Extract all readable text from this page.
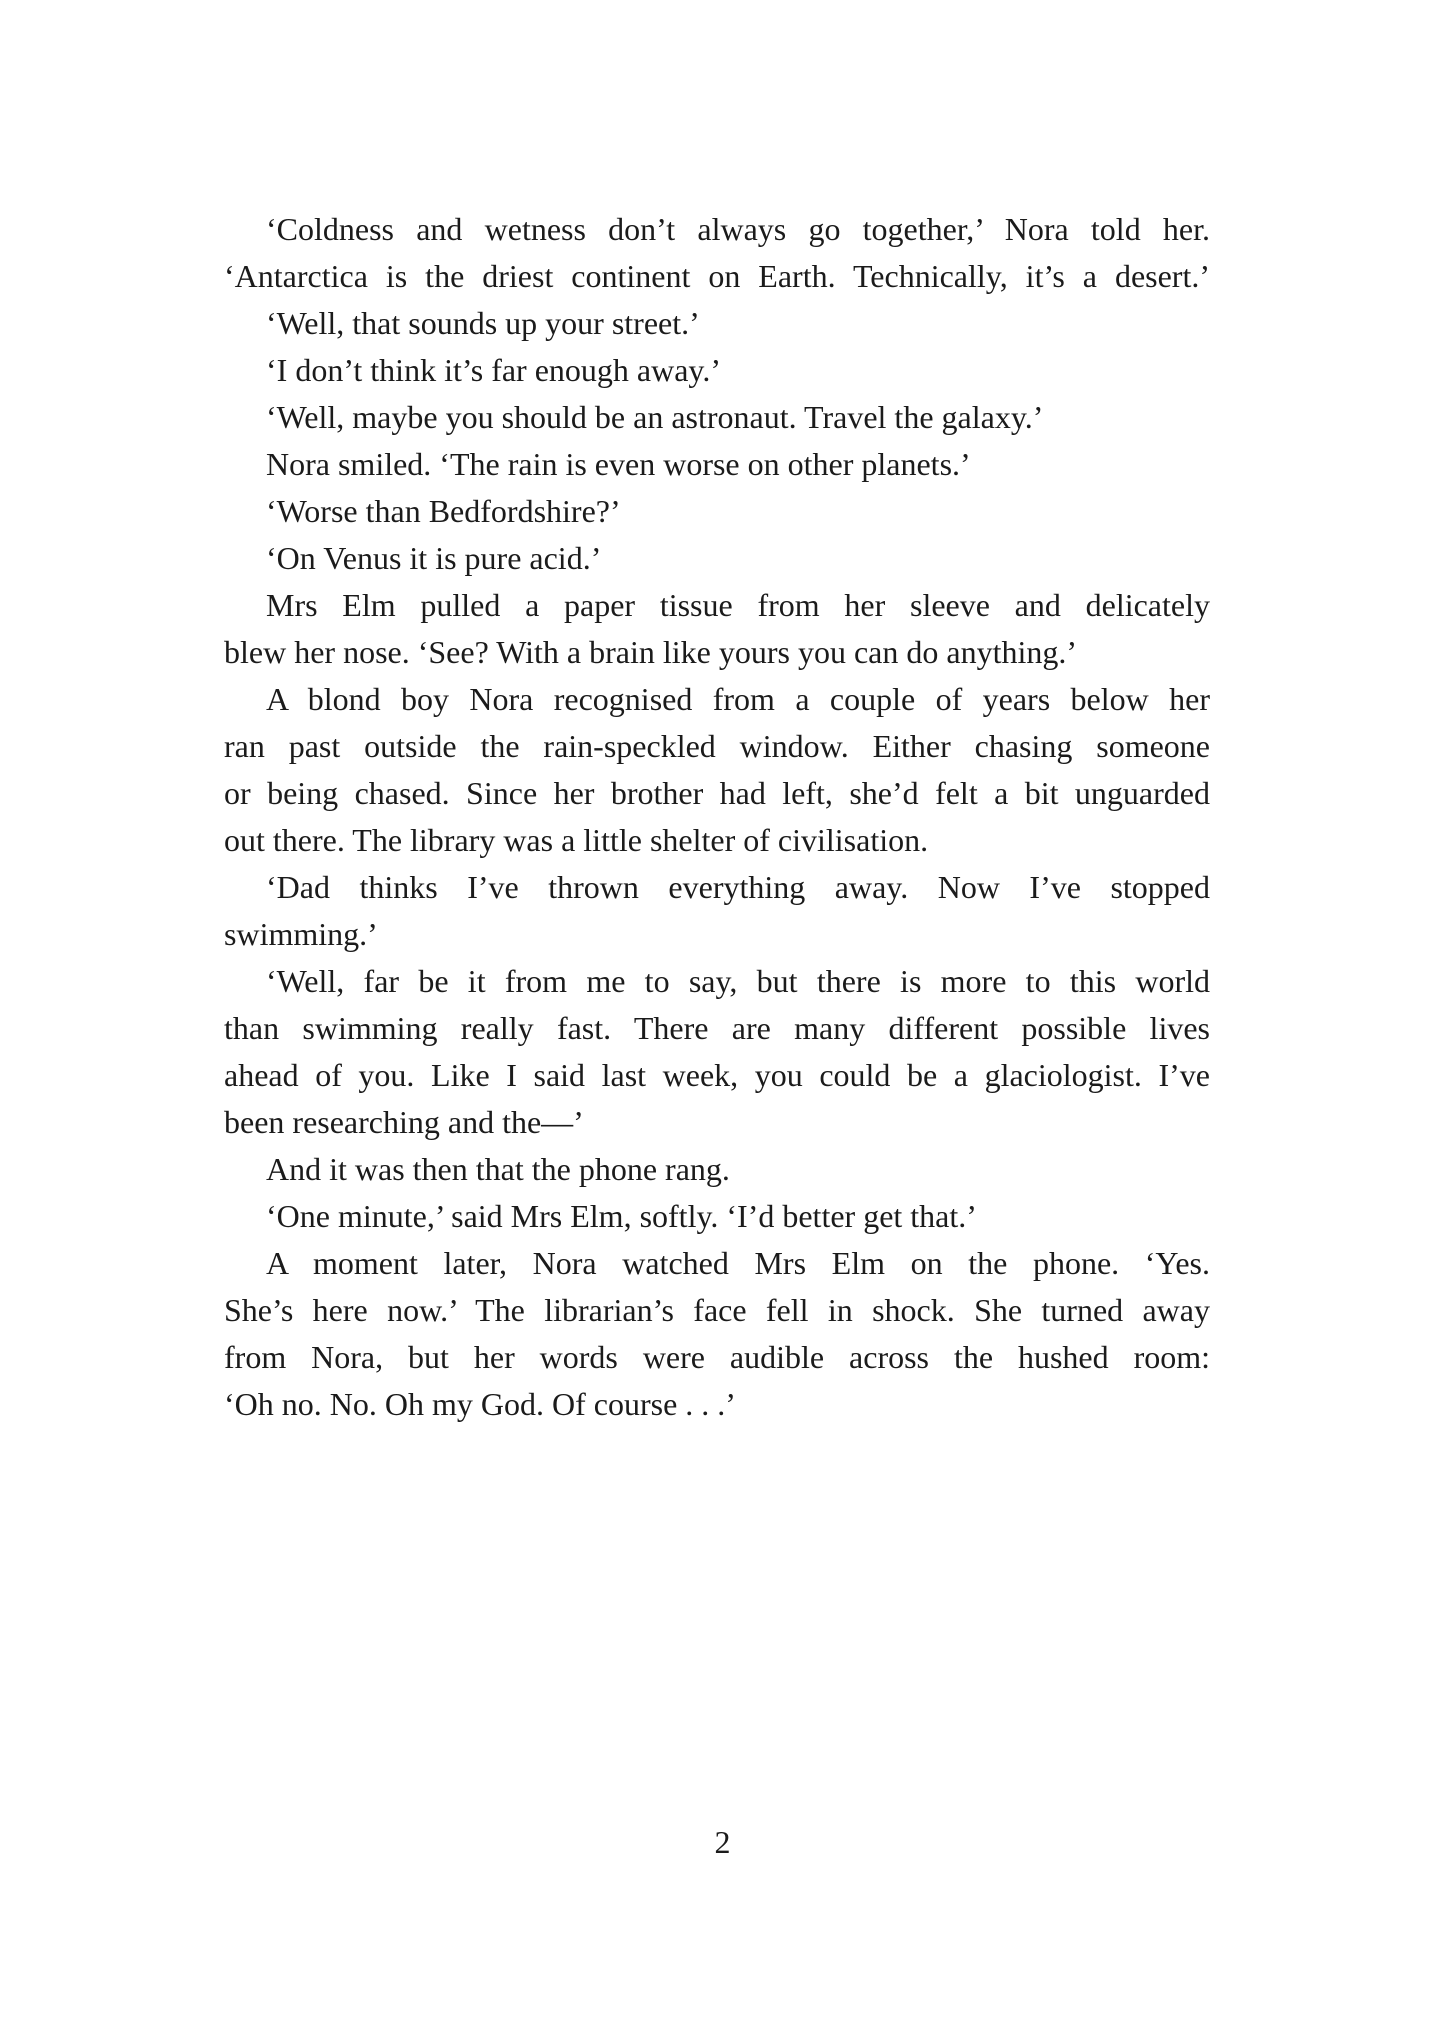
‘Coldness and wetness don’t always go together,’ Nora told her.
‘Antarctica is the driest continent on Earth. Technically, it’s a desert.’
‘Well, that sounds up your street.’
‘I don’t think it’s far enough away.’
‘Well, maybe you should be an astronaut. Travel the galaxy.’
Nora smiled. ‘The rain is even worse on other planets.’
‘Worse than Bedfordshire?’
‘On Venus it is pure acid.’
Mrs Elm pulled a paper tissue from her sleeve and delicately
blew her nose. ‘See? With a brain like yours you can do anything.’
A blond boy Nora recognised from a couple of years below her
ran past outside the rain-speckled window. Either chasing someone
or being chased. Since her brother had left, she’d felt a bit unguarded
out there. The library was a little shelter of civilisation.
‘Dad thinks I’ve thrown everything away. Now I’ve stopped
swimming.’
‘Well, far be it from me to say, but there is more to this world
than swimming really fast. There are many different possible lives
ahead of you. Like I said last week, you could be a glaciologist. I’ve
been researching and the—’
And it was then that the phone rang.
‘One minute,’ said Mrs Elm, softly. ‘I’d better get that.’
A moment later, Nora watched Mrs Elm on the phone. ‘Yes.
She’s here now.’ The librarian’s face fell in shock. She turned away
from Nora, but her words were audible across the hushed room:
‘Oh no. No. Oh my God. Of course . . .’
2
